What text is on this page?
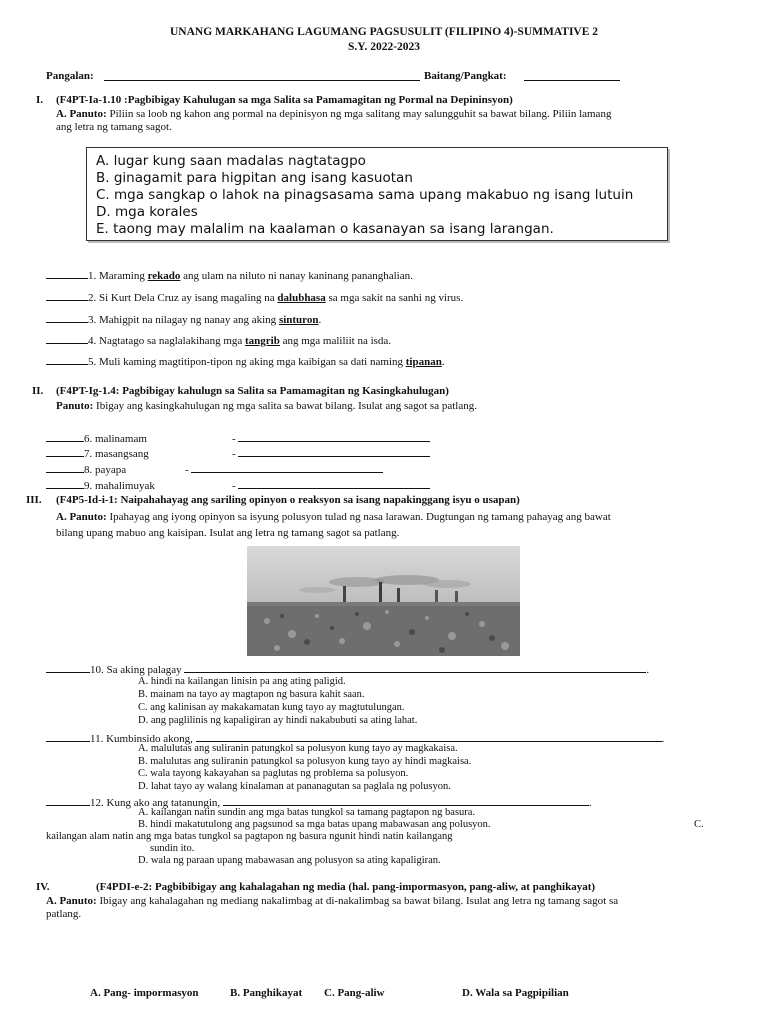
UNANG MARKAHANG LAGUMANG PAGSUSULIT (FILIPINO 4)-SUMMATIVE 2
S.Y. 2022-2023
Pangalan:	Baitang/Pangkat:
I. (F4PT-Ia-1.10 :Pagbibigay Kahulugan sa mga Salita sa Pamamagitan ng Pormal na Depininsyon)
A. Panuto: Piliin sa loob ng kahon ang pormal na depinisyon ng mga salitang may salungguhit sa bawat bilang. Piliin lamang
ang letra ng tamang sagot.
A. lugar kung saan madalas nagtatagpo
B. ginagamit para higpitan ang isang kasuotan
C. mga sangkap o lahok na pinagsasama sama upang makabuo ng isang lutuin
D. mga korales
E. taong may malalim na kaalaman o kasanayan sa isang larangan.
1. Maraming rekado ang ulam na niluto ni nanay kaninang pananghalian.
2. Si Kurt Dela Cruz ay isang magaling na dalubhasa sa mga sakit na sanhi ng virus.
3. Mahigpit na nilagay ng nanay ang aking sinturon.
4. Nagtatago sa naglalakihang mga tangrib ang mga maliliit na isda.
5. Muli kaming magtitipon-tipon ng aking mga kaibigan sa dati naming tipanan.
II. (F4PT-Ig-1.4: Pagbibigay kahulugn sa Salita sa Pamamagitan ng Kasingkahulugan)
Panuto: Ibigay ang kasingkahulugan ng mga salita sa bawat bilang. Isulat ang sagot sa patlang.
6. malinamam	-
7. masangsang	-
8. payapa	-
9. mahalimuyak	-
III. (F4P5-Id-i-1: Naipahahayag ang sariling opinyon o reaksyon sa isang napakinggang isyu o usapan)
A. Panuto: Ipahayag ang iyong opinyon sa isyung polusyon tulad ng nasa larawan. Dugtungan ng tamang pahayag ang bawat
bilang upang mabuo ang kaisipan. Isulat ang letra ng tamang sagot sa patlang.
10. Sa aking palagay	.
A. hindi na kailangan linisin pa ang ating paligid.
B. mainam na tayo ay magtapon ng basura kahit saan.
C. ang kalinisan ay makakamatan kung tayo ay magtutulungan.
D. ang paglilinis ng kapaligiran ay hindi nakabubuti sa ating lahat.
11. Kumbinsido akong,	.
A. malulutas ang suliranin patungkol sa polusyon kung tayo ay magkakaisa.
B. malulutas ang suliranin patungkol sa polusyon kung tayo ay hindi magkaisa.
C. wala tayong kakayahan sa paglutas ng problema sa polusyon.
D. lahat tayo ay walang kinalaman at pananagutan sa paglala ng polusyon.
12. Kung ako ang tatanungin,	.
A. kailangan natin sundin ang mga batas tungkol sa tamang pagtapon ng basura.
B. hindi makatutulong ang pagsunod sa mga batas upang mabawasan ang polusyon.	C.
kailangan alam natin ang mga batas tungkol sa pagtapon ng basura ngunit hindi natin kailangang
sundin ito.
D. wala ng paraan upang mabawasan ang polusyon sa ating kapaligiran.
IV.	(F4PDI-e-2: Pagbibibigay ang kahalagahan ng media (hal. pang-impormasyon, pang-aliw, at panghikayat)
A. Panuto: Ibigay ang kahalagahan ng mediang nakalimbag at di-nakalimbag sa bawat bilang. Isulat ang letra ng tamang sagot sa
patlang.
A. Pang- impormasyon	B. Panghikayat C. Pang-aliw	D. Wala sa Pagpipilian
